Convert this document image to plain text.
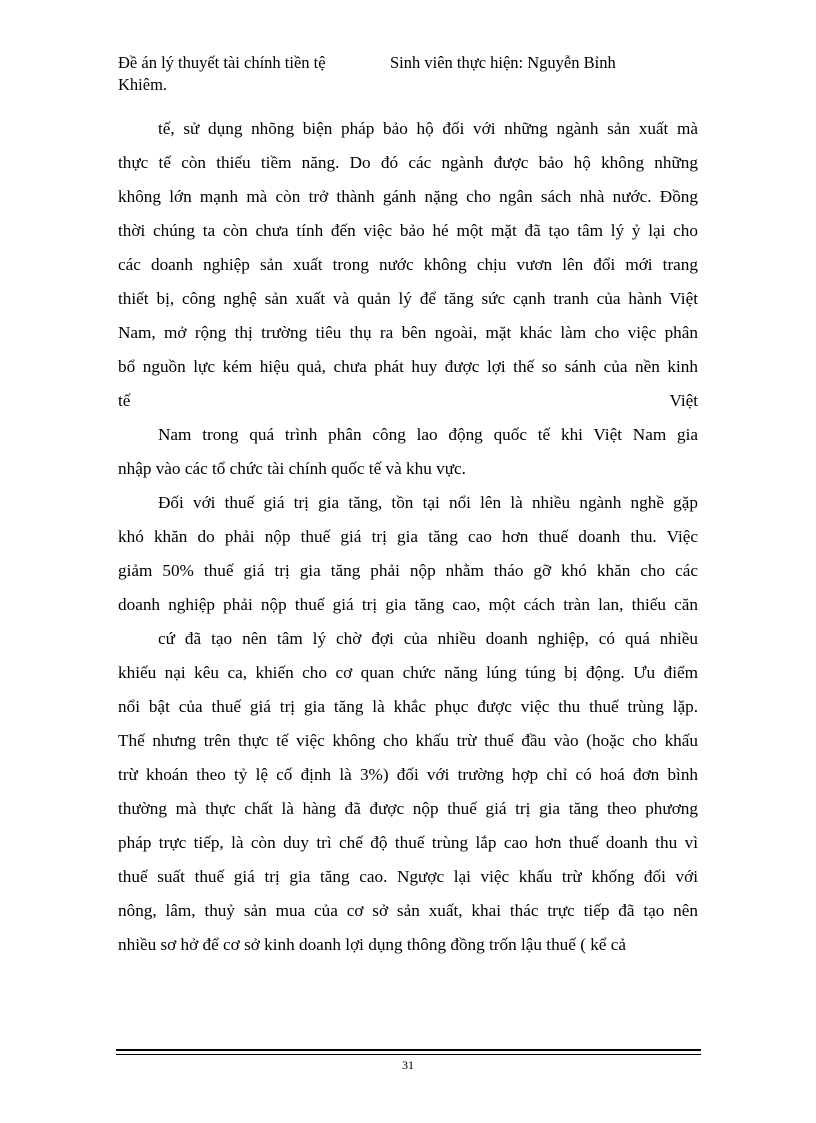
Đề án lý thuyết tài chính tiền tệ	Sinh viên thực hiện: Nguyễn Bỉnh
Khiêm.
tế, sử dụng nhõng biện pháp bảo hộ đối với những ngành sản xuất mà
thực tế còn thiếu tiềm năng. Do đó các ngành được bảo hộ không những
không lớn mạnh mà còn trở thành gánh nặng cho ngân sách nhà nước. Đồng
thời chúng ta còn chưa tính đến việc bảo hé một mặt đã tạo tâm lý ỷ lại cho
các doanh nghiệp sản xuất trong nước không chịu vươn lên đổi mới trang
thiết bị, công nghệ sản xuất và quản lý để tăng sức cạnh tranh của hành Việt
Nam, mở rộng thị trường tiêu thụ ra bên ngoài, mặt khác làm cho việc phân
bổ nguồn lực kém hiệu quả, chưa phát huy được lợi thế so sánh của nền kinh
tế	Việt
Nam trong quá trình phân công lao động quốc tế khi Việt Nam gia
nhập vào các tổ chức tài chính quốc tế và khu vực.
Đối với thuế giá trị gia tăng, tồn tại nổi lên là nhiều ngành nghề gặp
khó khăn do phải nộp thuế giá trị gia tăng cao hơn thuế doanh thu. Việc
giảm 50% thuế giá trị gia tăng phải nộp nhằm tháo gỡ khó khăn cho các
doanh nghiệp phải nộp thuế giá trị gia tăng cao, một cách tràn lan, thiếu căn
cứ đã tạo nên tâm lý chờ đợi của nhiều doanh nghiệp, có quá nhiều
khiếu nại kêu ca, khiến cho cơ quan chức năng lúng túng bị động. Ưu điểm
nổi bật của thuế giá trị gia tăng là khắc phục được việc thu thuế trùng lặp.
Thế nhưng trên thực tế việc không cho khấu trừ thuế đầu vào (hoặc cho khấu
trừ khoán theo tỷ lệ cố định là 3%) đối với trường hợp chỉ có hoá đơn bình
thường mà thực chất là hàng đã được nộp thuế giá trị gia tăng theo phương
pháp trực tiếp, là còn duy trì chế độ thuế trùng lắp cao hơn thuế doanh thu vì
thuế suất thuế giá trị gia tăng cao. Ngược lại việc khấu trừ khống đối với
nông, lâm, thuỷ sản mua của cơ sở sản xuất, khai thác trực tiếp đã tạo nên
nhiều sơ hở để cơ sở kinh doanh lợi dụng thông đồng trốn lậu thuế ( kể cả
31
